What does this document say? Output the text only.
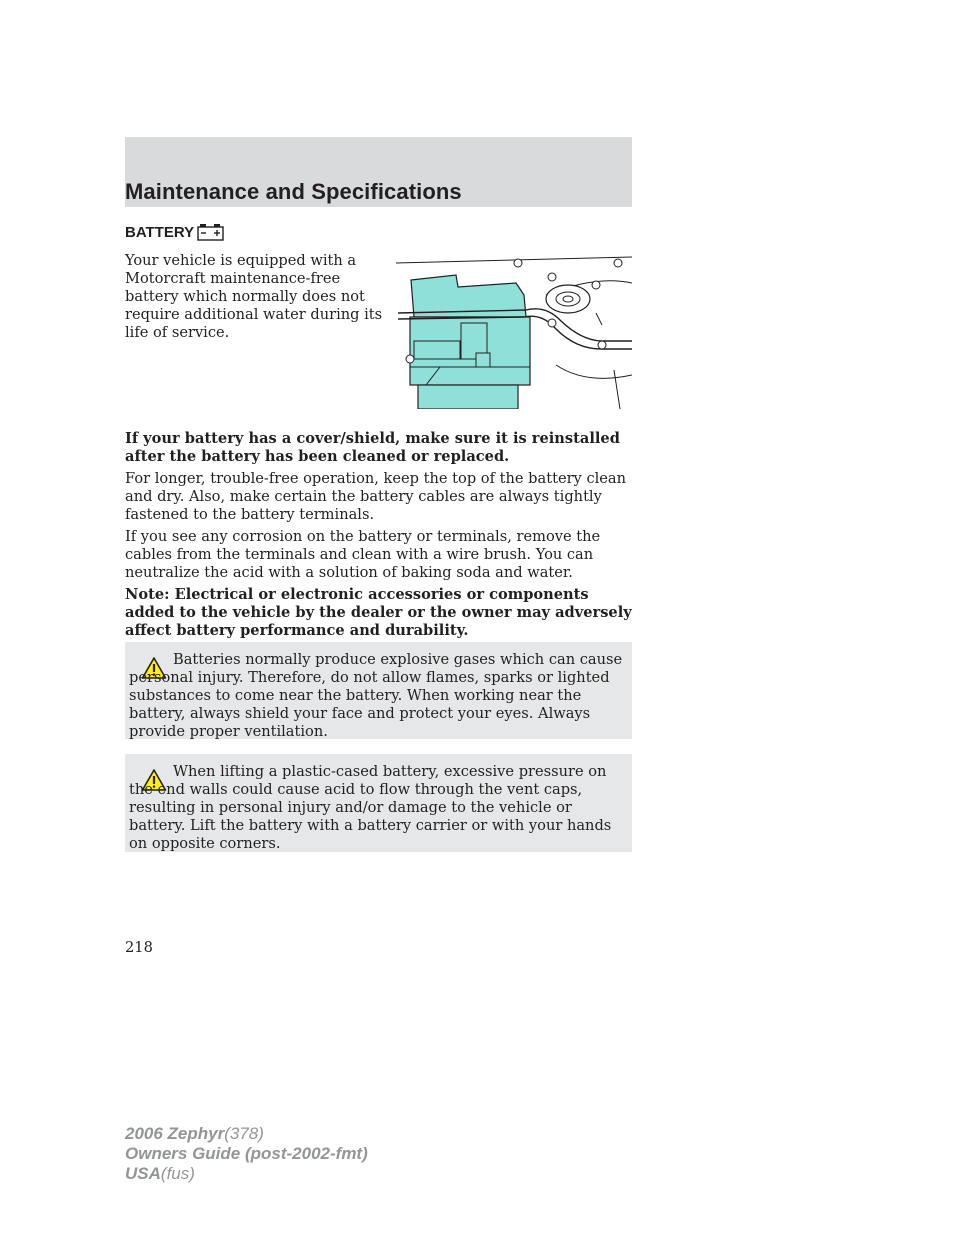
Maintenance and Specifications
BATTERY

Your vehicle is equipped with a Motorcraft maintenance-free battery which normally does not require additional water during its life of service.

If your battery has a cover/shield, make sure it is reinstalled after the battery has been cleaned or replaced.

For longer, trouble-free operation, keep the top of the battery clean and dry. Also, make certain the battery cables are always tightly fastened to the battery terminals.

If you see any corrosion on the battery or terminals, remove the cables from the terminals and clean with a wire brush. You can neutralize the acid with a solution of baking soda and water.

Note: Electrical or electronic accessories or components added to the vehicle by the dealer or the owner may adversely affect battery performance and durability.

Batteries normally produce explosive gases which can cause personal injury. Therefore, do not allow flames, sparks or lighted substances to come near the battery. When working near the battery, always shield your face and protect your eyes. Always provide proper ventilation.
When lifting a plastic-cased battery, excessive pressure on the end walls could cause acid to flow through the vent caps, resulting in personal injury and/or damage to the vehicle or battery. Lift the battery with a battery carrier or with your hands on opposite corners.
218
2006 Zephyr(378)
Owners Guide (post-2002-fmt)
USA(fus)
